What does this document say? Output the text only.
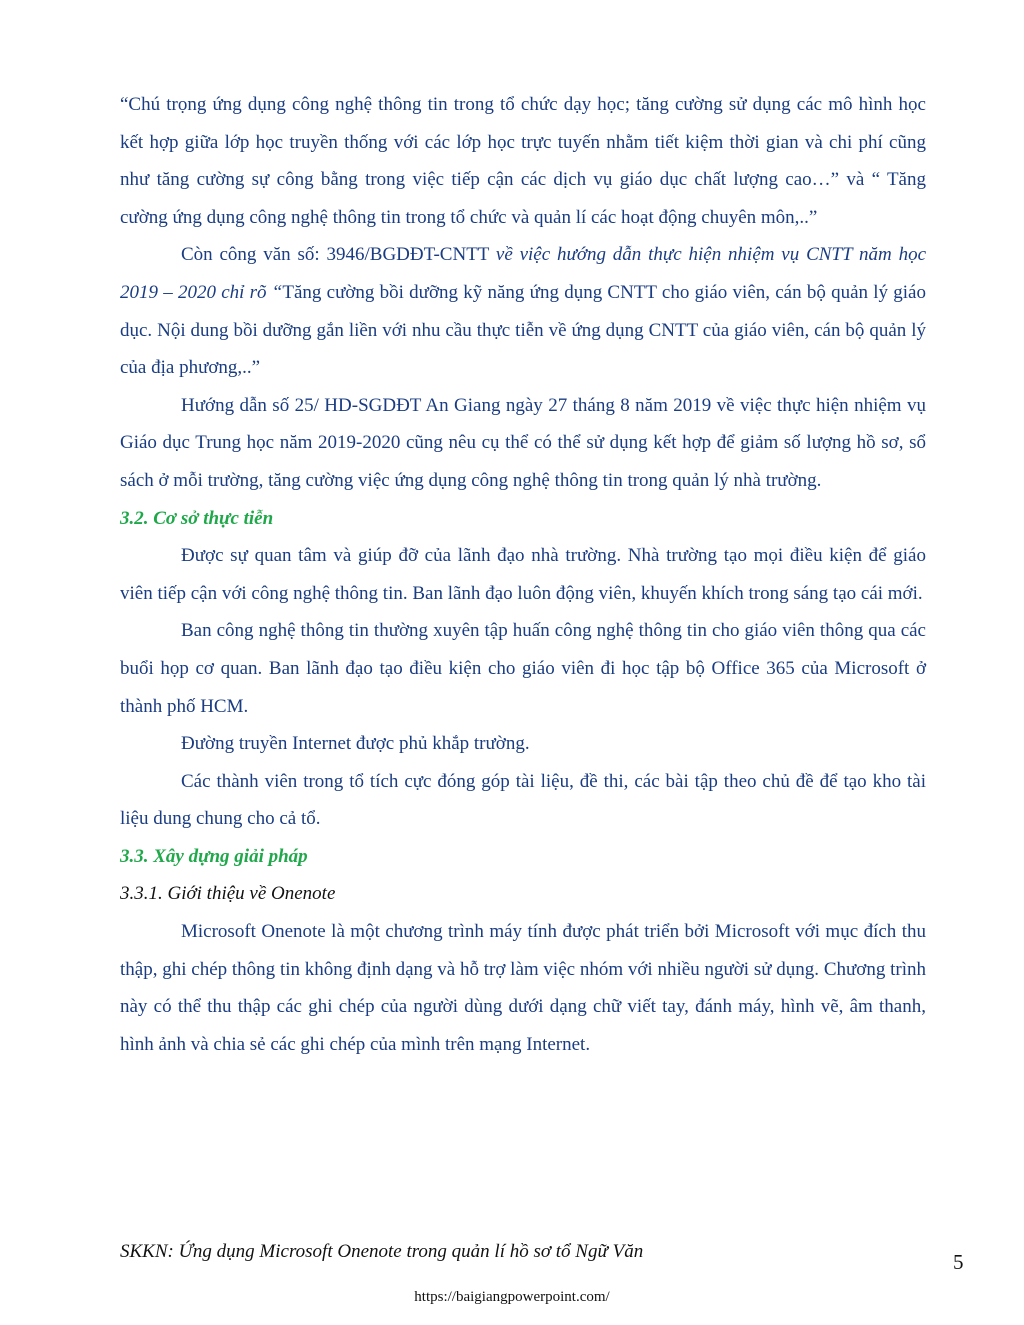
“Chú trọng ứng dụng công nghệ thông tin trong tổ chức dạy học; tăng cường sử dụng các mô hình học kết hợp giữa lớp học truyền thống với các lớp học trực tuyến nhằm tiết kiệm thời gian và chi phí cũng như tăng cường sự công bằng trong việc tiếp cận các dịch vụ giáo dục chất lượng cao…” và “ Tăng cường ứng dụng công nghệ thông tin trong tổ chức và quản lí các hoạt động chuyên môn,..”

Còn công văn số: 3946/BGDĐT-CNTT về việc hướng dẫn thực hiện nhiệm vụ CNTT năm học 2019 – 2020 chỉ rõ “Tăng cường bồi dưỡng kỹ năng ứng dụng CNTT cho giáo viên, cán bộ quản lý giáo dục. Nội dung bồi dưỡng gắn liền với nhu cầu thực tiễn về ứng dụng CNTT của giáo viên, cán bộ quản lý của địa phương,..”

Hướng dẫn số 25/ HD-SGDĐT An Giang ngày 27 tháng 8 năm 2019 về việc thực hiện nhiệm vụ Giáo dục Trung học năm 2019-2020 cũng nêu cụ thể có thể sử dụng kết hợp để giảm số lượng hồ sơ, sổ sách ở mỗi trường, tăng cường việc ứng dụng công nghệ thông tin trong quản lý nhà trường.

3.2. Cơ sở thực tiễn

Được sự quan tâm và giúp đỡ của lãnh đạo nhà trường. Nhà trường tạo mọi điều kiện để giáo viên tiếp cận với công nghệ thông tin. Ban lãnh đạo luôn động viên, khuyến khích trong sáng tạo cái mới.

Ban công nghệ thông tin thường xuyên tập huấn công nghệ thông tin cho giáo viên thông qua các buổi họp cơ quan. Ban lãnh đạo tạo điều kiện cho giáo viên đi học tập bộ Office 365 của Microsoft ở thành phố HCM.

Đường truyền Internet được phủ khắp trường.

Các thành viên trong tổ tích cực đóng góp tài liệu, đề thi, các bài tập theo chủ đề để tạo kho tài liệu dung chung cho cả tổ.

3.3. Xây dựng giải pháp

3.3.1. Giới thiệu về Onenote

Microsoft Onenote là một chương trình máy tính được phát triển bởi Microsoft với mục đích thu thập, ghi chép thông tin không định dạng và hỗ trợ làm việc nhóm với nhiều người sử dụng. Chương trình này có thể thu thập các ghi chép của người dùng dưới dạng chữ viết tay, đánh máy, hình vẽ, âm thanh, hình ảnh và chia sẻ các ghi chép của mình trên mạng Internet.

SKKN: Ứng dụng Microsoft Onenote trong quản lí hồ sơ tổ Ngữ Văn	5
https://baigiangpowerpoint.com/
